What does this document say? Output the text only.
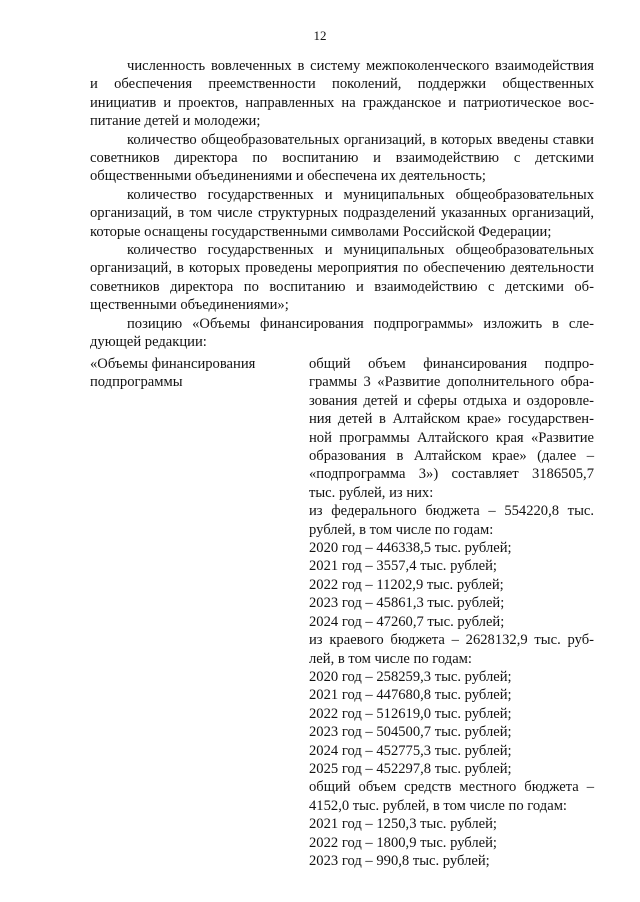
12

численность вовлеченных в систему межпоколенческого взаимодействия и обеспечения преемственности поколений, поддержки общественных инициатив и проектов, направленных на гражданское и патриотическое воспитание детей и молодежи;

количество общеобразовательных организаций, в которых введены ставки советников директора по воспитанию и взаимодействию с детскими общественными объединениями и обеспечена их деятельность;

количество государственных и муниципальных общеобразовательных организаций, в том числе структурных подразделений указанных организаций, которые оснащены государственными символами Российской Федерации;

количество государственных и муниципальных общеобразовательных организаций, в которых проведены мероприятия по обеспечению деятельности советников директора по воспитанию и взаимодействию с детскими общественными объединениями»;

позицию «Объемы финансирования подпрограммы» изложить в следующей редакции:

«Объемы финансирования подпрограммы

общий объем финансирования подпрограммы 3 «Развитие дополнительного образования детей и сферы отдыха и оздоровления детей в Алтайском крае» государственной программы Алтайского края «Развитие образования в Алтайском крае» (далее – «подпрограмма 3») составляет 3186505,7 тыс. рублей, из них:

из федерального бюджета – 554220,8 тыс. рублей, в том числе по годам:

2020 год – 446338,5 тыс. рублей;
2021 год – 3557,4 тыс. рублей;
2022 год – 11202,9 тыс. рублей;
2023 год – 45861,3 тыс. рублей;
2024 год – 47260,7 тыс. рублей;

из краевого бюджета – 2628132,9 тыс. рублей, в том числе по годам:

2020 год – 258259,3 тыс. рублей;
2021 год – 447680,8 тыс. рублей;
2022 год – 512619,0 тыс. рублей;
2023 год – 504500,7 тыс. рублей;
2024 год – 452775,3 тыс. рублей;
2025 год – 452297,8 тыс. рублей;

общий объем средств местного бюджета – 4152,0 тыс. рублей, в том числе по годам:

2021 год – 1250,3 тыс. рублей;
2022 год – 1800,9 тыс. рублей;
2023 год – 990,8 тыс. рублей;
